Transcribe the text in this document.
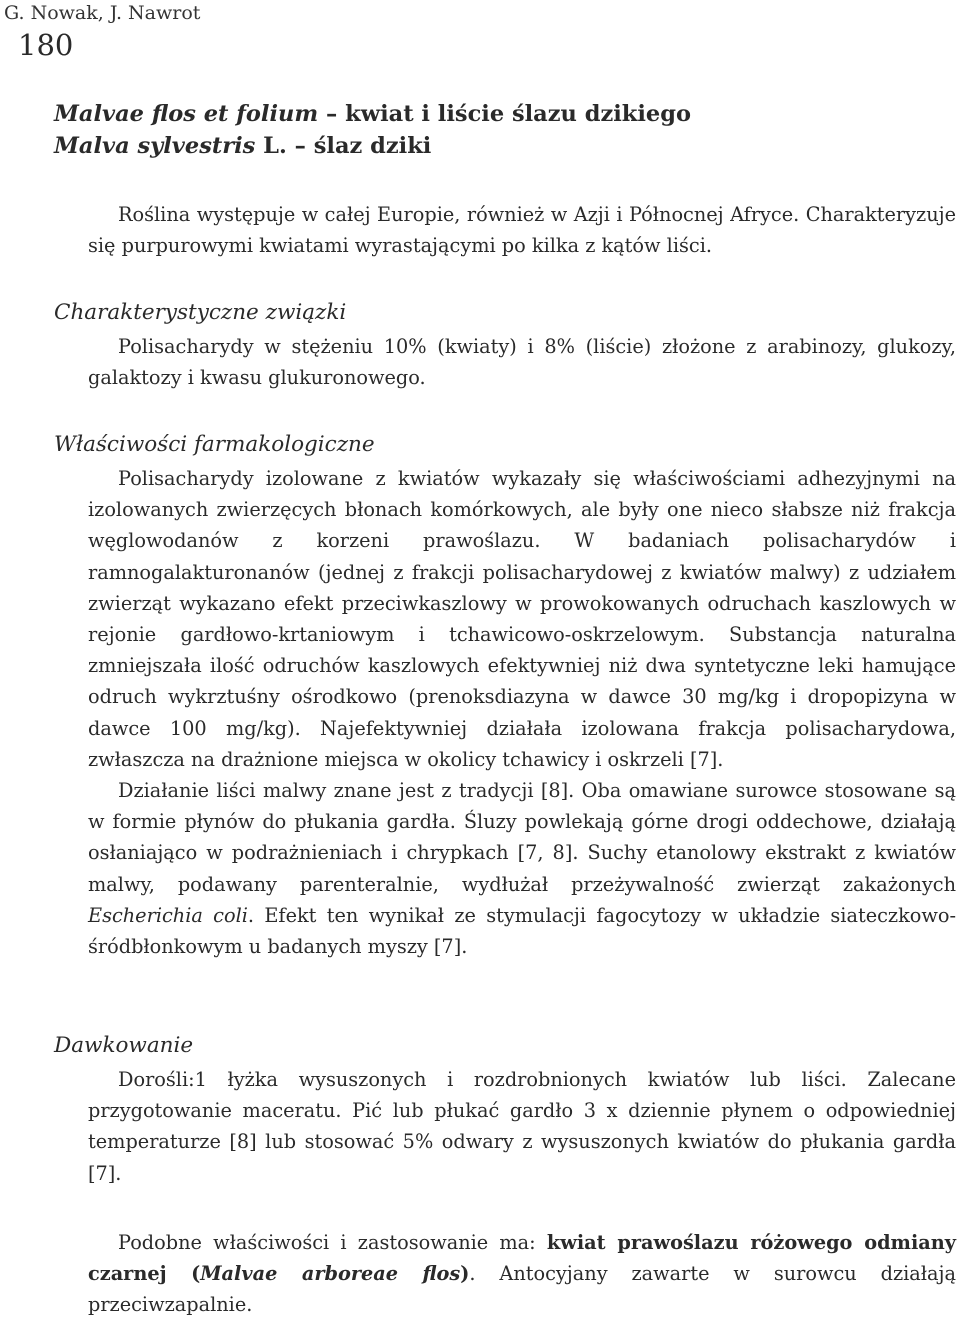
G. Nowak, J. Nawrot
180
Malvae flos et folium – kwiat i liście ślazu dzikiego
Malva sylvestris L. – ślaz dziki

Roślina występuje w całej Europie, również w Azji i Północnej Afryce. Charakteryzuje się purpurowymi kwiatami wyrastającymi po kilka z kątów liści.

Charakterystyczne związki

Polisacharydy w stężeniu 10% (kwiaty) i 8% (liście) złożone z arabinozy, glukozy, galaktozy i kwasu glukuronowego.

Właściwości farmakologiczne

Polisacharydy izolowane z kwiatów wykazały się właściwościami adhezyjnymi na izolowanych zwierzęcych błonach komórkowych, ale były one nieco słabsze niż frakcja węglowodanów z korzeni prawoślazu. W badaniach polisacharydów i ramnogalakturonanów (jednej z frakcji polisacharydowej z kwiatów malwy) z udziałem zwierząt wykazano efekt przeciwkaszlowy w prowokowanych odruchach kaszlowych w rejonie gardłowo-krtaniowym i tchawicowo-oskrzelowym. Substancja naturalna zmniejszała ilość odruchów kaszlowych efektywniej niż dwa syntetyczne leki hamujące odruch wykrztuśny ośrodkowo (prenoksdiazyna w dawce 30 mg/kg i dropopizyna w dawce 100 mg/kg). Najefektywniej działała izolowana frakcja polisacharydowa, zwłaszcza na drażnione miejsca w okolicy tchawicy i oskrzeli [7].

Działanie liści malwy znane jest z tradycji [8]. Oba omawiane surowce stosowane są w formie płynów do płukania gardła. Śluzy powlekają górne drogi oddechowe, działają osłaniająco w podrażnieniach i chrypkach [7, 8]. Suchy etanolowy ekstrakt z kwiatów malwy, podawany parenteralnie, wydłużał przeżywalność zwierząt zakażonych Escherichia coli. Efekt ten wynikał ze stymulacji fagocytozy w układzie siateczkowo-śródbłonkowym u badanych myszy [7].

Dawkowanie

Dorośli:1 łyżka wysuszonych i rozdrobnionych kwiatów lub liści. Zalecane przygotowanie maceratu. Pić lub płukać gardło 3 x dziennie płynem o odpowiedniej temperaturze [8] lub stosować 5% odwary z wysuszonych kwiatów do płukania gardła [7].

Podobne właściwości i zastosowanie ma: kwiat prawoślazu różowego odmiany czarnej (Malvae arboreae flos). Antocyjany zawarte w surowcu działają przeciwzapalnie.
